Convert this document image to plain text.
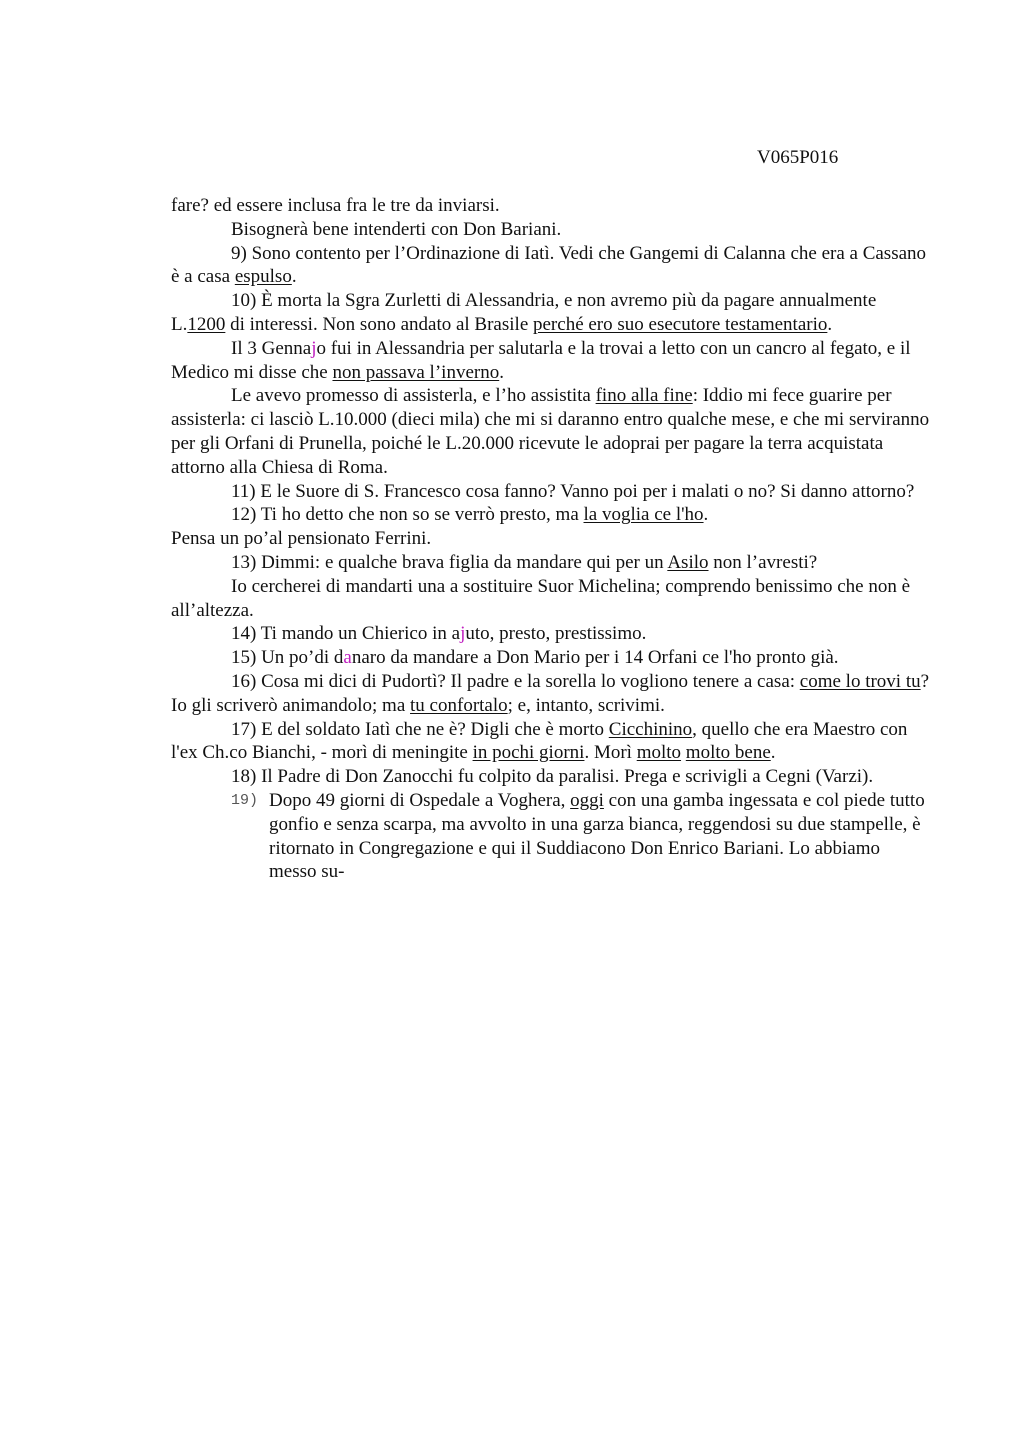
V065P016

fare? ed essere inclusa fra le tre da inviarsi.

Bisognerà bene intenderti con Don Bariani.

9) Sono contento per l’Ordinazione di Iatì. Vedi che Gangemi di Calanna che era a Cassano è a casa espulso.

10) È morta la Sgra Zurletti di Alessandria, e non avremo più da pagare annualmente L.1200 di interessi. Non sono andato al Brasile perché ero suo esecutore testamentario.

Il 3 Gennajo fui in Alessandria per salutarla e la trovai a letto con un cancro al fegato, e il Medico mi disse che non passava l’inverno.

Le avevo promesso di assisterla, e l’ho assistita fino alla fine: Iddio mi fece guarire per assisterla: ci lasciò L.10.000 (dieci mila) che mi si daranno entro qualche mese, e che mi serviranno per gli Orfani di Prunella, poiché le L.20.000 ricevute le adoprai per pagare la terra acquistata attorno alla Chiesa di Roma.

11) E le Suore di S. Francesco cosa fanno? Vanno poi per i malati o no? Si danno attorno?

12) Ti ho detto che non so se verrò presto, ma la voglia ce l'ho.

Pensa un po’al pensionato Ferrini.

13) Dimmi: e qualche brava figlia da mandare qui per un Asilo non l’avresti?

Io cercherei di mandarti una a sostituire Suor Michelina; comprendo benissimo che non è all’altezza.

14) Ti mando un Chierico in ajuto, presto, prestissimo.

15) Un po’di danaro da mandare a Don Mario per i 14 Orfani ce l'ho pronto già.

16) Cosa mi dici di Pudortì? Il padre e la sorella lo vogliono tenere a casa: come lo trovi tu? Io gli scriverò animandolo; ma tu confortalo; e, intanto, scrivimi.

17) E del soldato Iatì che ne è? Digli che è morto Cicchinino, quello che era Maestro con l'ex Ch.co Bianchi, - morì di meningite in pochi giorni. Morì molto molto bene.

18) Il Padre di Don Zanocchi fu colpito da paralisi. Prega e scrivigli a Cegni (Varzi).

19) Dopo 49 giorni di Ospedale a Voghera, oggi con una gamba ingessata e col piede tutto gonfio e senza scarpa, ma avvolto in una garza bianca, reggendosi su due stampelle, è ritornato in Congregazione e qui il Suddiacono Don Enrico Bariani. Lo abbiamo messo su-
